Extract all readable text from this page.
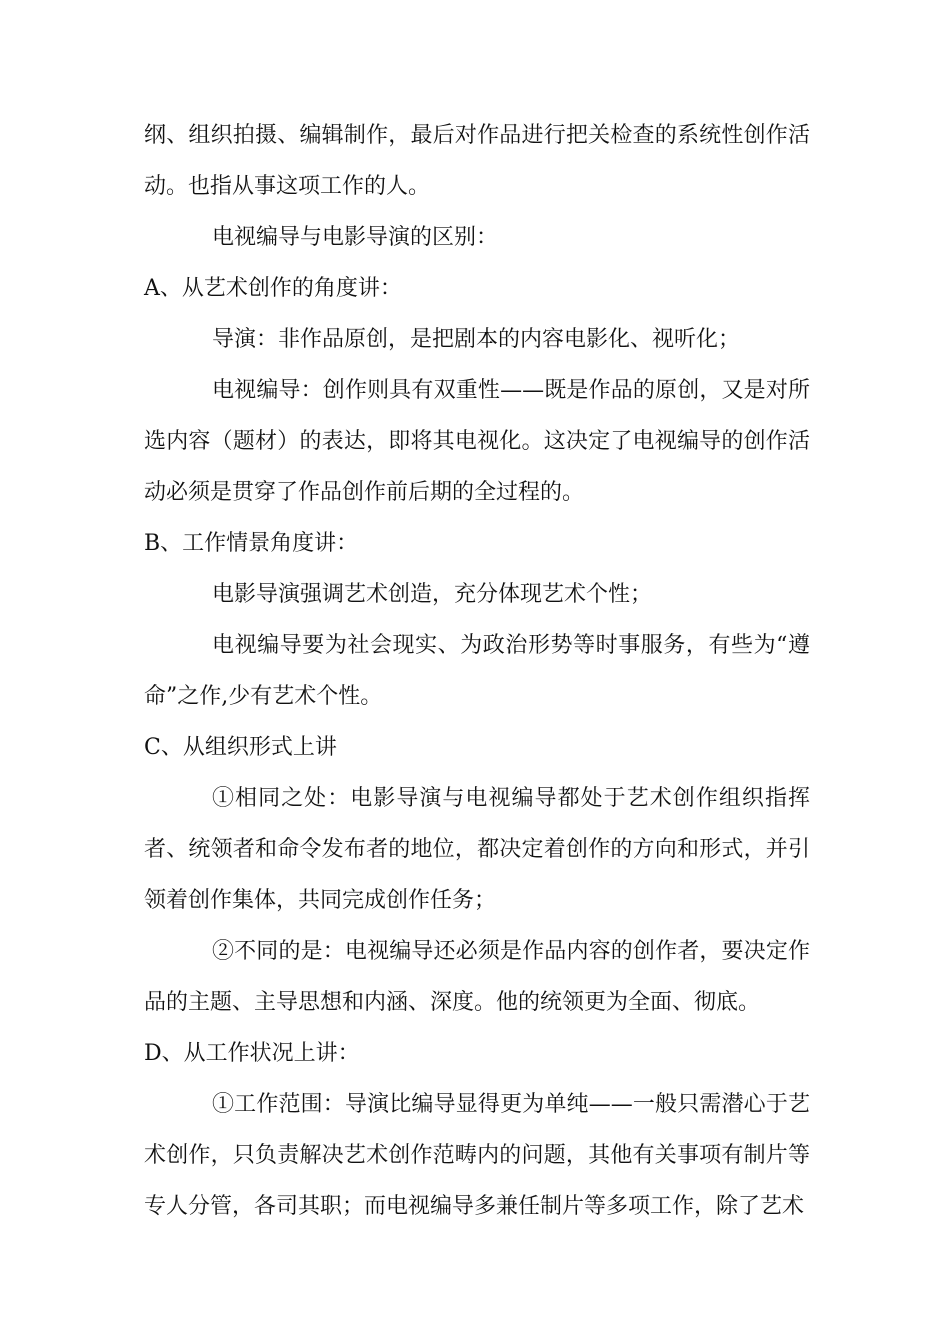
纲、组织拍摄、编辑制作，最后对作品进行把关检查的系统性创作活动。也指从事这项工作的人。

电视编导与电影导演的区别：

A、从艺术创作的角度讲：

导演：非作品原创，是把剧本的内容电影化、视听化；

电视编导：创作则具有双重性——既是作品的原创，又是对所选内容（题材）的表达，即将其电视化。这决定了电视编导的创作活动必须是贯穿了作品创作前后期的全过程的。

B、工作情景角度讲：

电影导演强调艺术创造，充分体现艺术个性；

电视编导要为社会现实、为政治形势等时事服务，有些为“遵命”之作,少有艺术个性。

C、从组织形式上讲

①相同之处：电影导演与电视编导都处于艺术创作组织指挥者、统领者和命令发布者的地位，都决定着创作的方向和形式，并引领着创作集体，共同完成创作任务；

②不同的是：电视编导还必须是作品内容的创作者，要决定作品的主题、主导思想和内涵、深度。他的统领更为全面、彻底。

D、从工作状况上讲：

①工作范围：导演比编导显得更为单纯——一般只需潜心于艺术创作，只负责解决艺术创作范畴内的问题，其他有关事项有制片等专人分管，各司其职；而电视编导多兼任制片等多项工作，除了艺术
